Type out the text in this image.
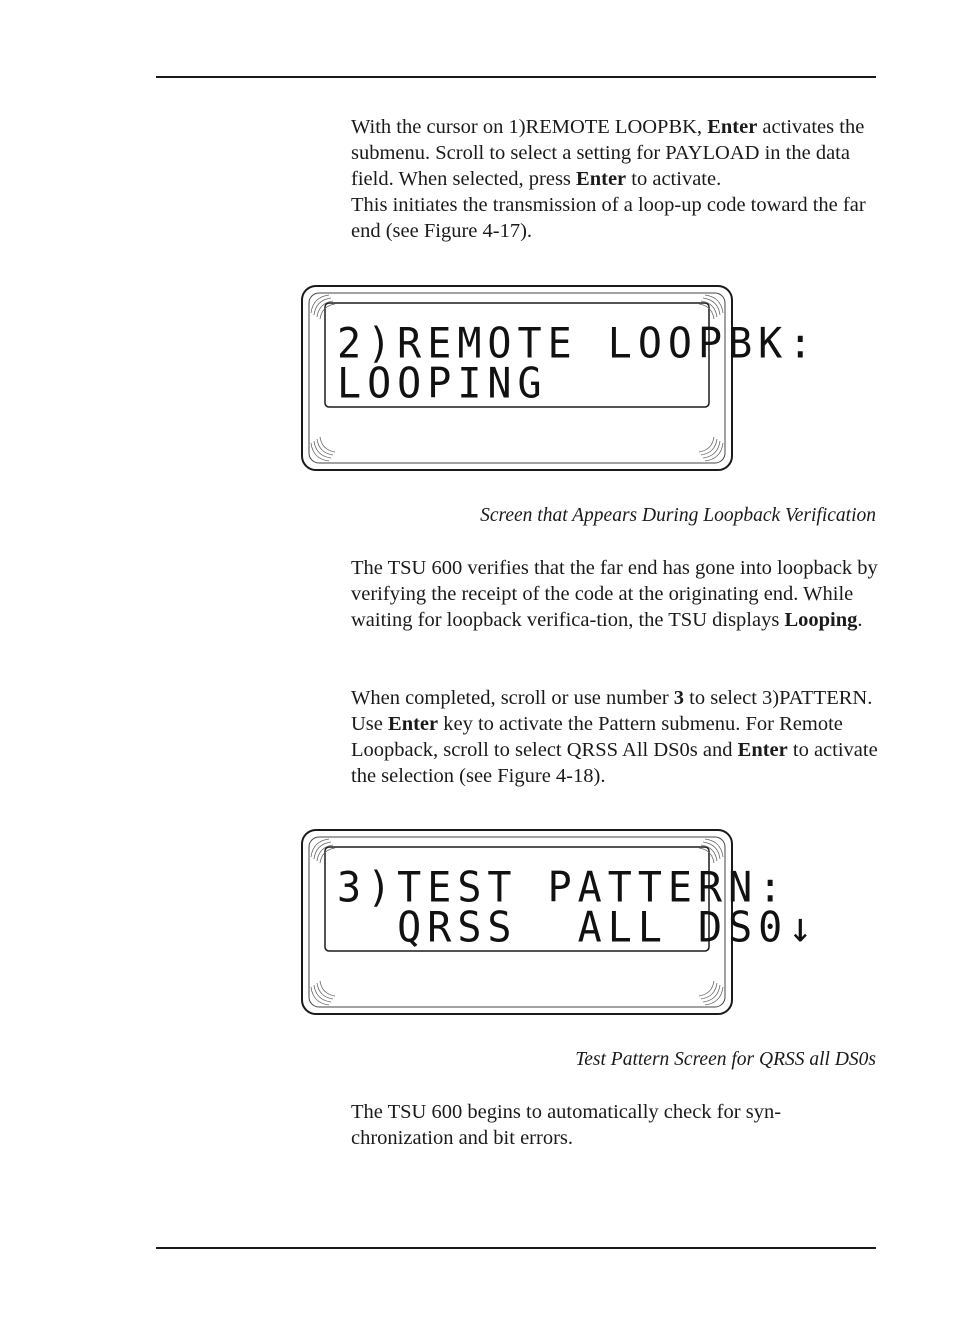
With the cursor on 1)REMOTE LOOPBK, Enter activates the submenu. Scroll to select a setting for PAYLOAD in the data field. When selected, press Enter to activate.
This initiates the transmission of a loop-up code toward the far end (see Figure 4-17).

2)REMOTE LOOPBK:
LOOPING
Screen that Appears During Loopback Verification

The TSU 600 verifies that the far end has gone into loopback by verifying the receipt of the code at the originating end. While waiting for loopback verifica-tion, the TSU displays Looping.

When completed, scroll or use number 3 to select 3)PATTERN. Use Enter key to activate the Pattern submenu. For Remote Loopback, scroll to select QRSS All DS0s and Enter to activate the selection (see Figure 4-18).

3)TEST PATTERN:
QRSS  ALL DS0↓
Test Pattern Screen for QRSS all DS0s

The TSU 600 begins to automatically check for syn-chronization and bit errors.
